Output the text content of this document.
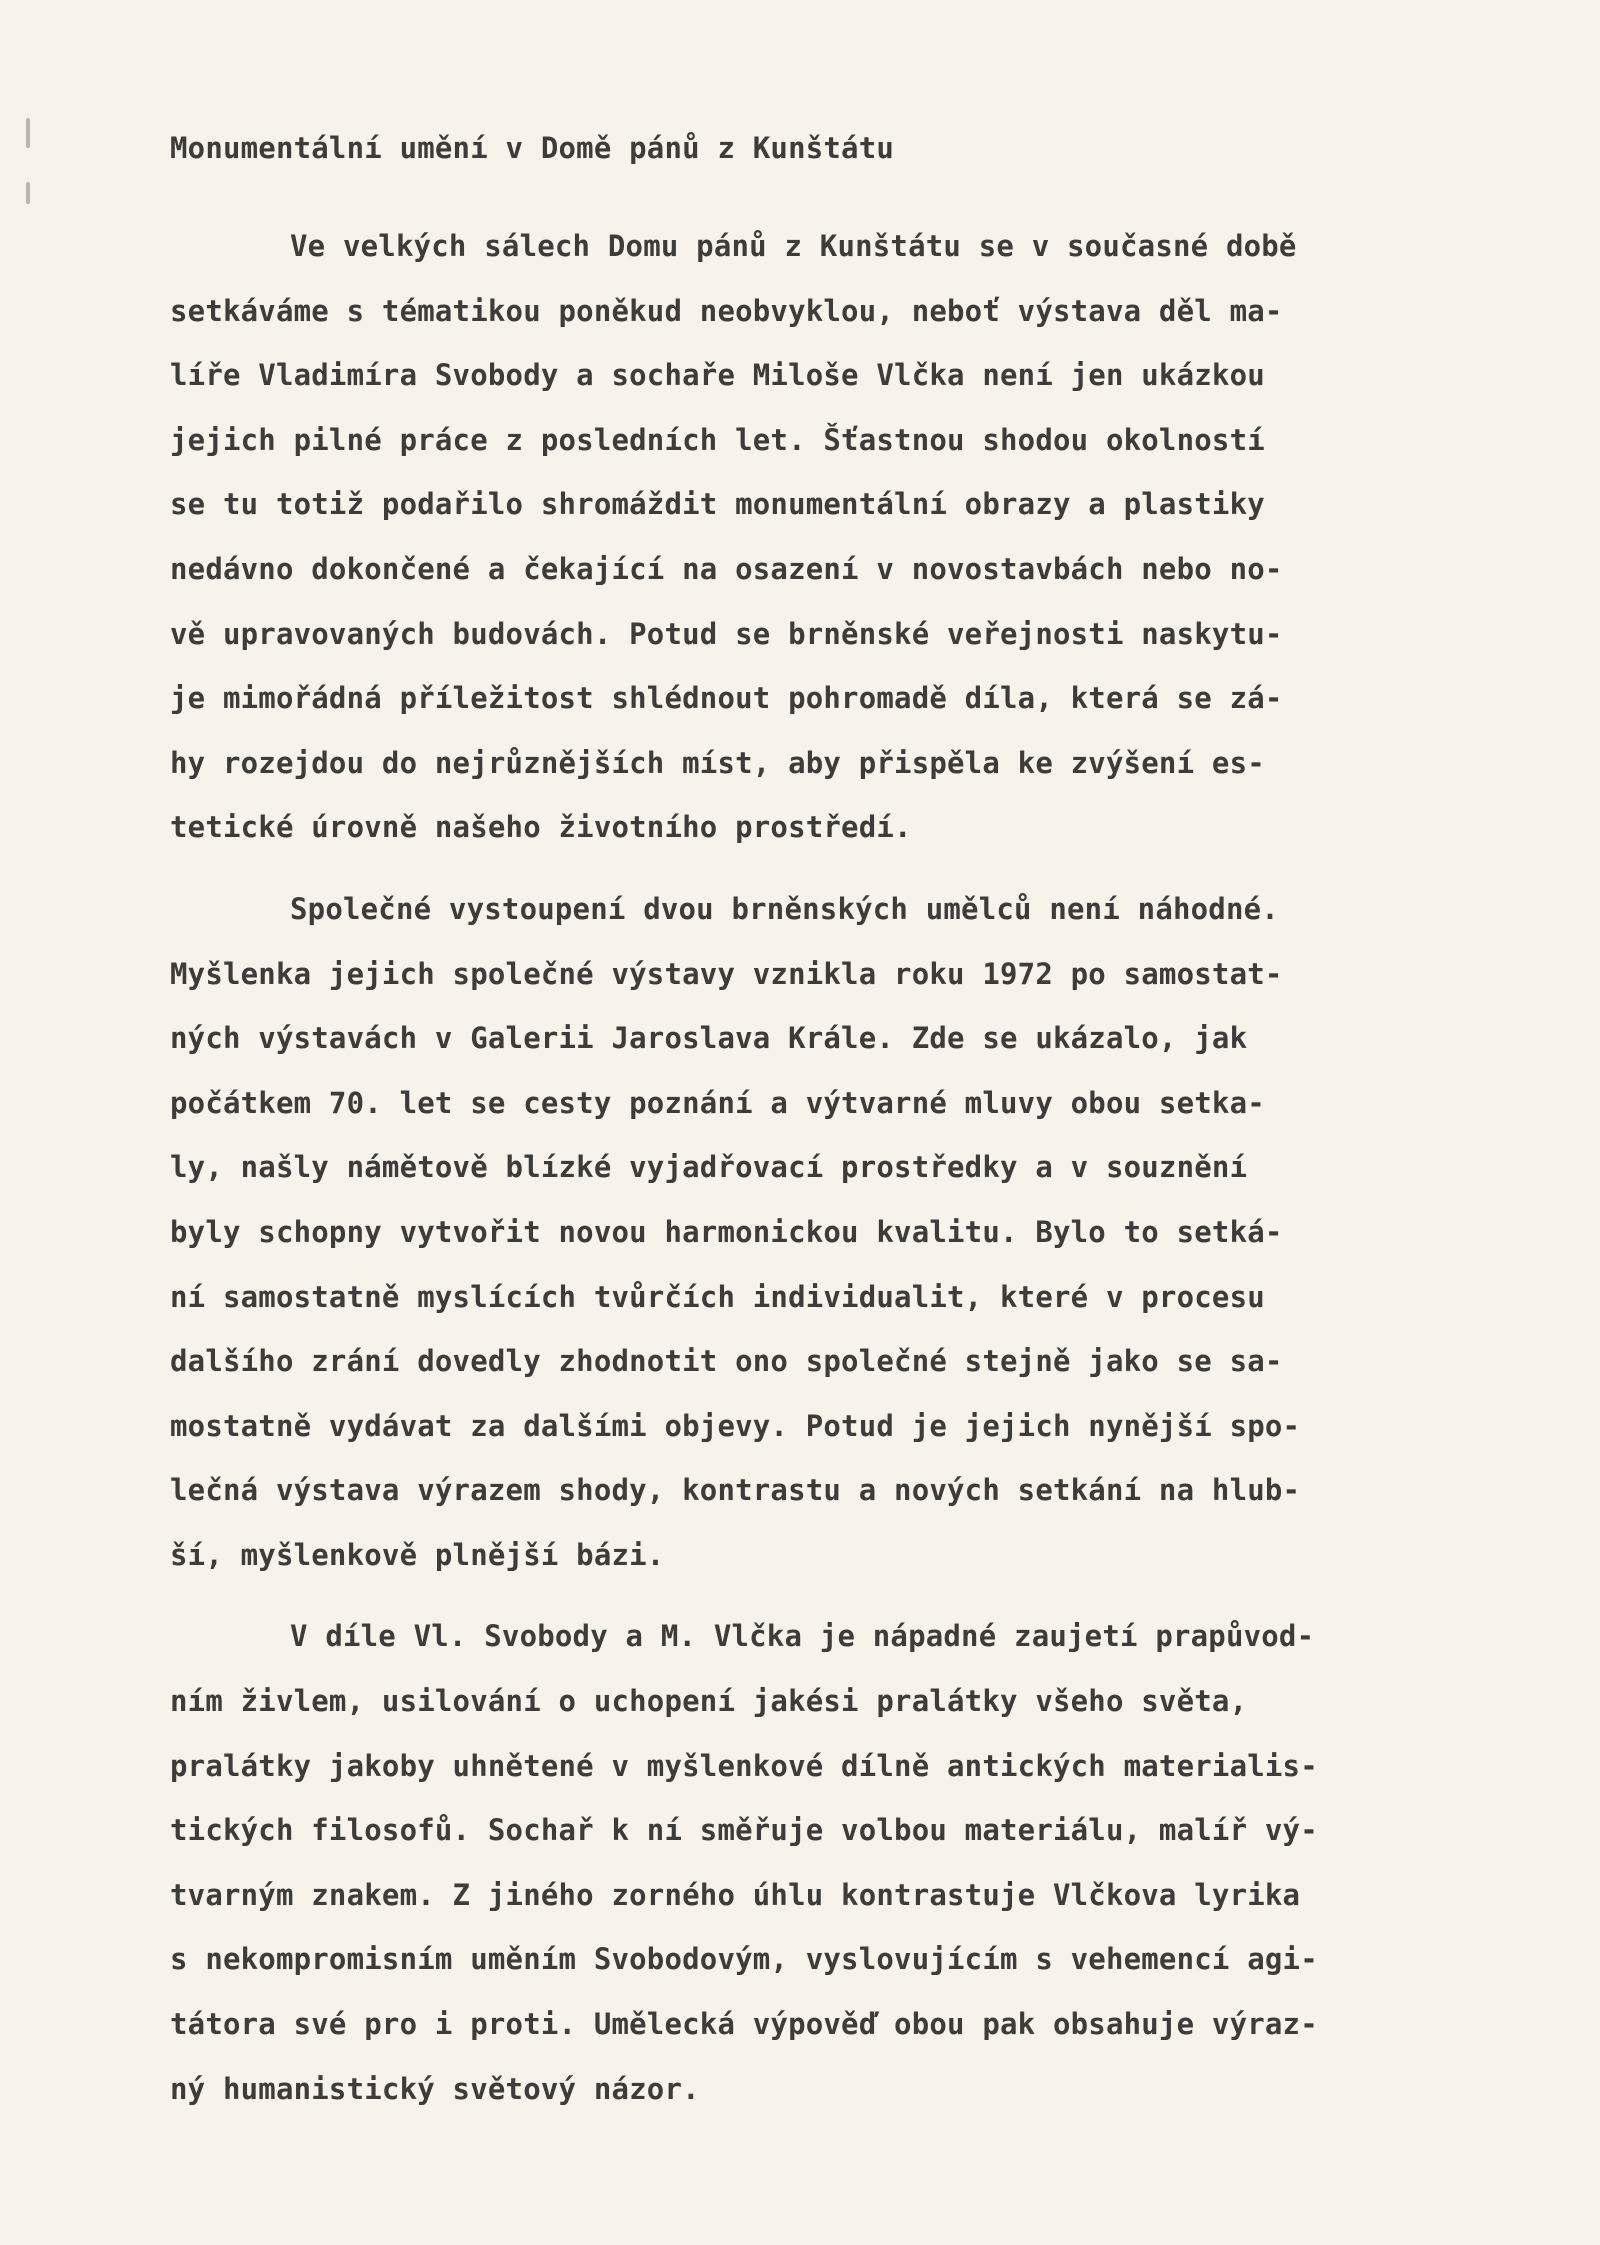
Monumentální umění v Domě pánů z Kunštátu
Ve velkých sálech Domu pánů z Kunštátu se v současné době
setkáváme s tématikou poněkud neobvyklou, neboť výstava děl ma-
líře Vladimíra Svobody a sochaře Miloše Vlčka není jen ukázkou
jejich pilné práce z posledních let. Šťastnou shodou okolností
se tu totiž podařilo shromáždit monumentální obrazy a plastiky
nedávno dokončené a čekající na osazení v novostavbách nebo no-
vě upravovaných budovách. Potud se brněnské veřejnosti naskytu-
je mimořádná příležitost shlédnout pohromadě díla, která se zá-
hy rozejdou do nejrůznějších míst, aby přispěla ke zvýšení es-
tetické úrovně našeho životního prostředí.
Společné vystoupení dvou brněnských umělců není náhodné.
Myšlenka jejich společné výstavy vznikla roku 1972 po samostat-
ných výstavách v Galerii Jaroslava Krále. Zde se ukázalo, jak
počátkem 70. let se cesty poznání a výtvarné mluvy obou setka-
ly, našly námětově blízké vyjadřovací prostředky a v souznění
byly schopny vytvořit novou harmonickou kvalitu. Bylo to setká-
ní samostatně myslících tvůrčích individualit, které v procesu
dalšího zrání dovedly zhodnotit ono společné stejně jako se sa-
mostatně vydávat za dalšími objevy. Potud je jejich nynější spo-
lečná výstava výrazem shody, kontrastu a nových setkání na hlub-
ší, myšlenkově plnější bázi.
V díle Vl. Svobody a M. Vlčka je nápadné zaujetí prapůvod-
ním živlem, usilování o uchopení jakési pralátky všeho světa,
pralátky jakoby uhnětené v myšlenkové dílně antických materialis-
tických filosofů. Sochař k ní směřuje volbou materiálu, malíř vý-
tvarným znakem. Z jiného zorného úhlu kontrastuje Vlčkova lyrika
s nekompromisním uměním Svobodovým, vyslovujícím s vehemencí agi-
tátora své pro i proti. Umělecká výpověď obou pak obsahuje výraz-
ný humanistický světový názor.
